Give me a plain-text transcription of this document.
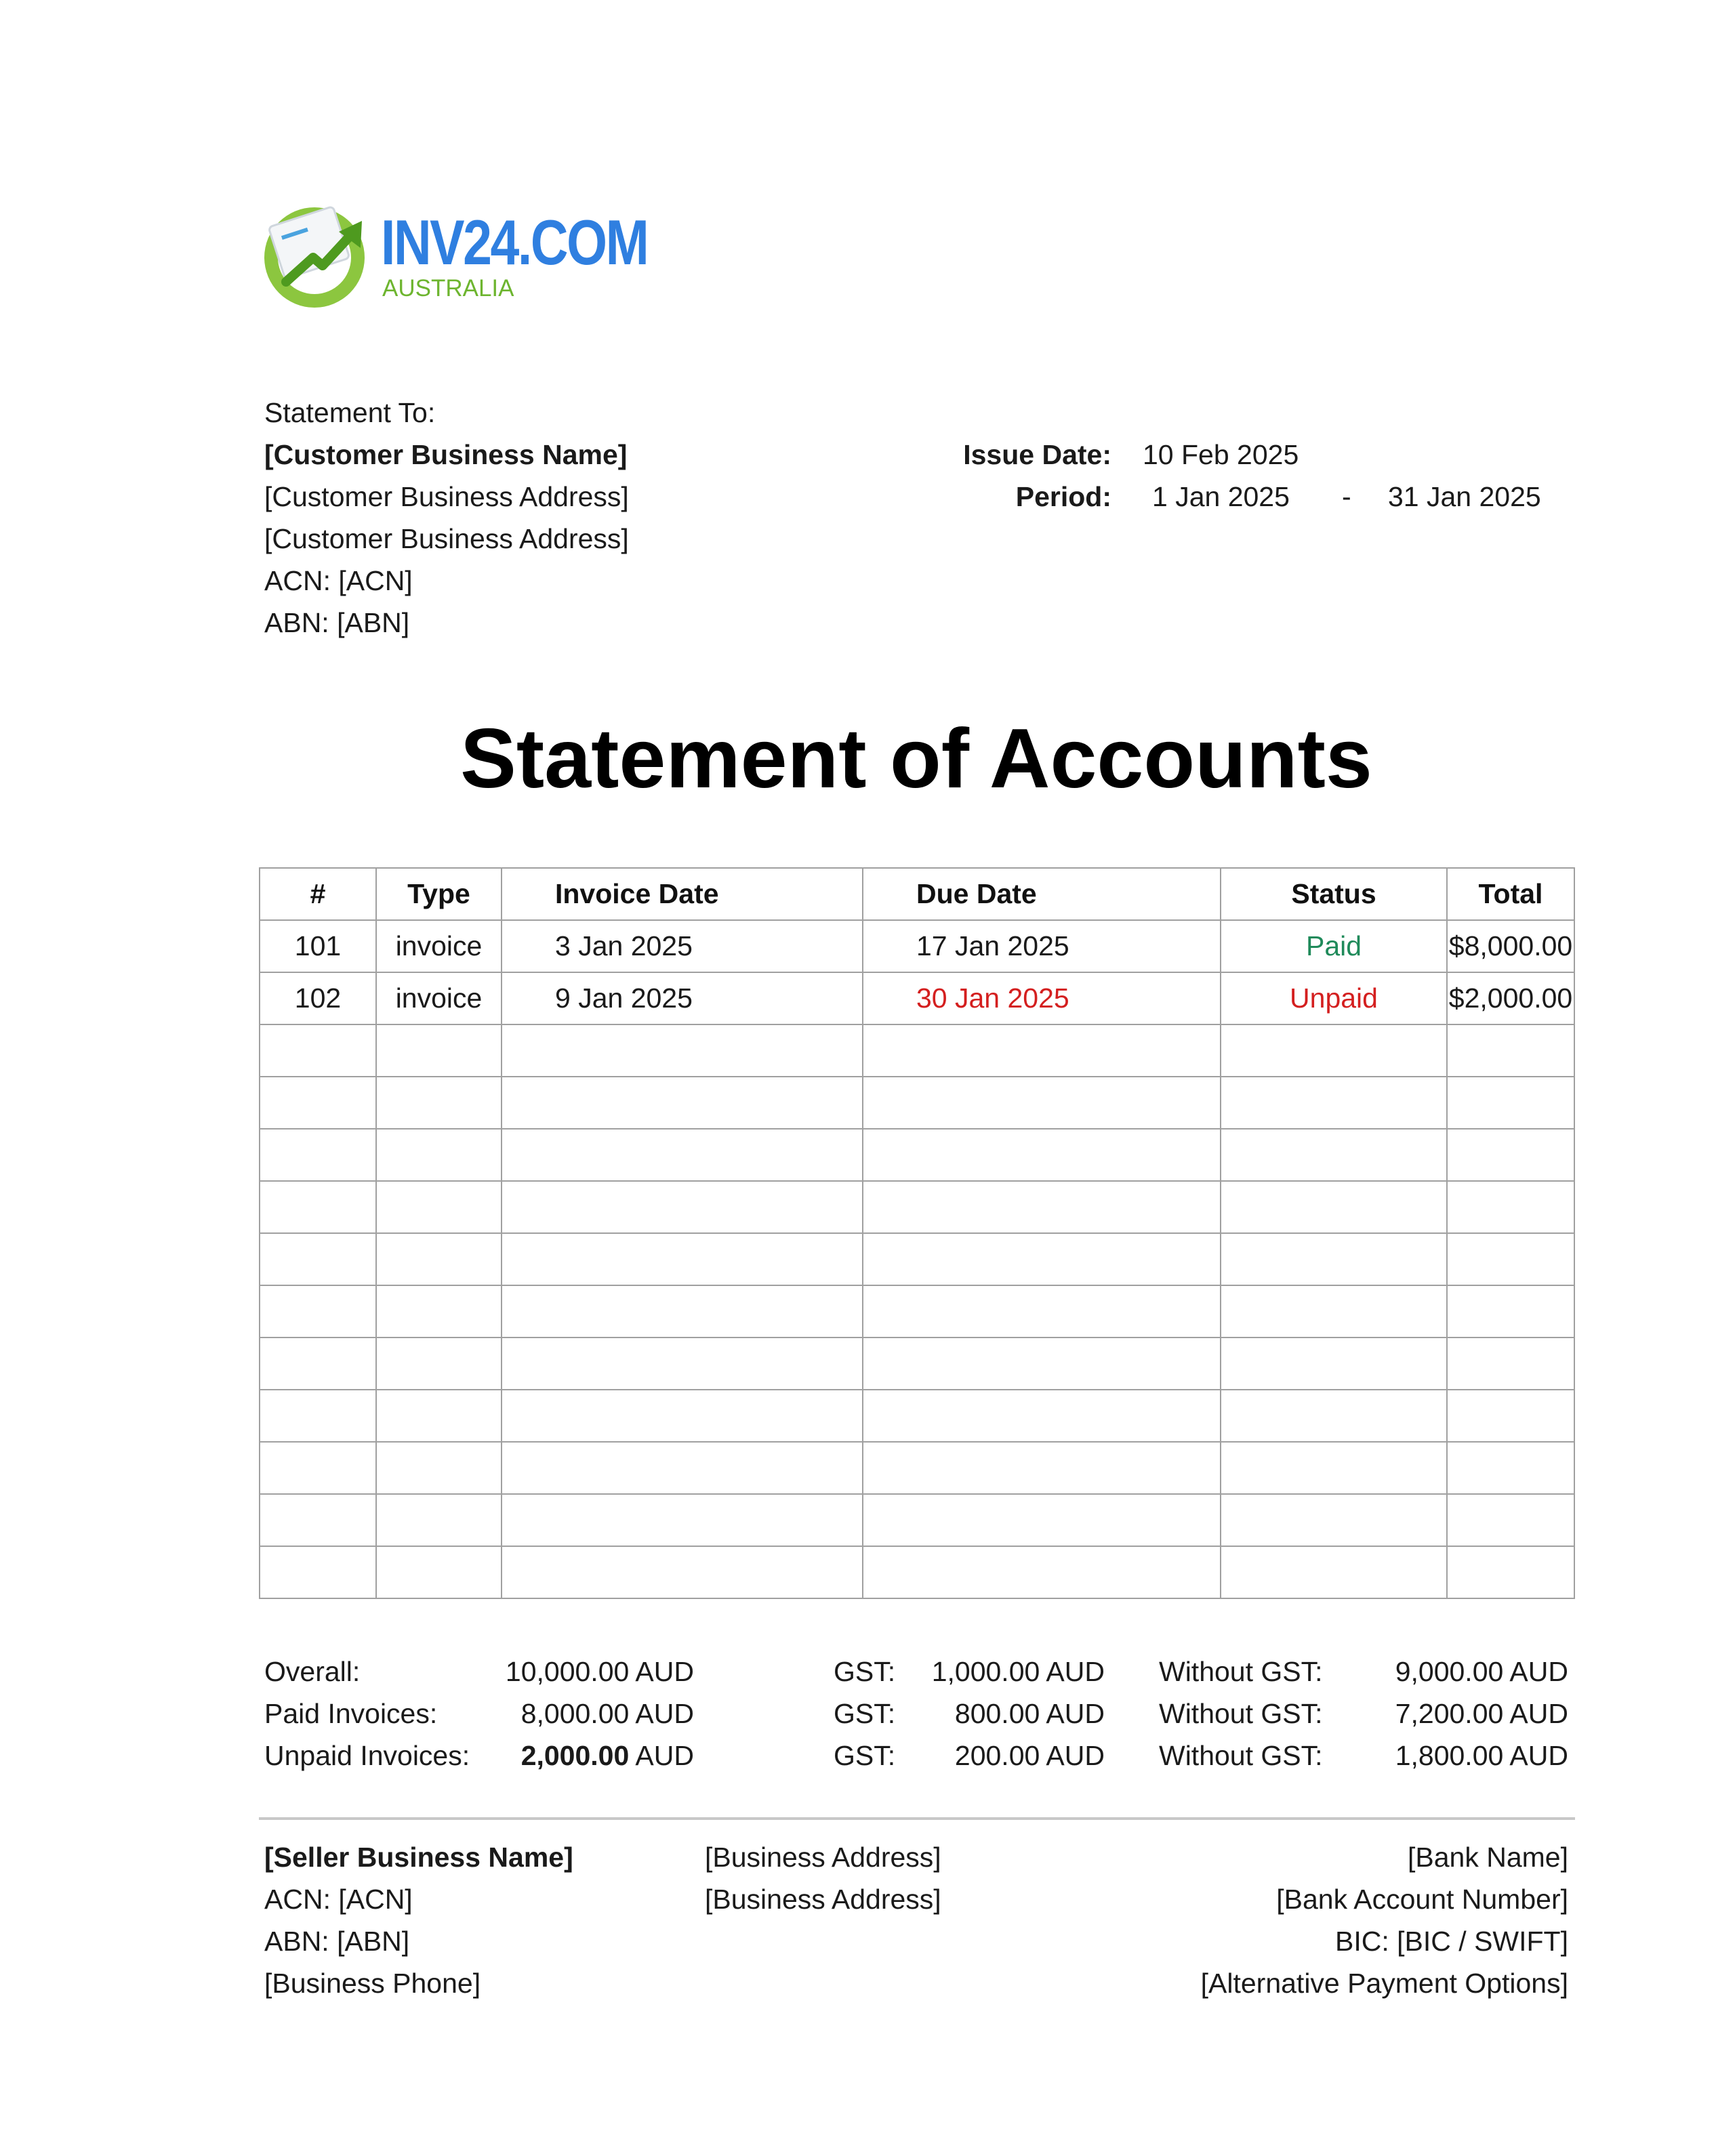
INV24.COM
AUSTRALIA
Statement To:
[Customer Business Name]
[Customer Business Address]
[Customer Business Address]
ACN: [ACN]
ABN: [ABN]
Issue Date: 10 Feb 2025
Period: 1 Jan 2025 - 31 Jan 2025
Statement of Accounts
#	Type	Invoice Date	Due Date	Status	Total
101	invoice	3 Jan 2025	17 Jan 2025	Paid	$8,000.00
102	invoice	9 Jan 2025	30 Jan 2025	Unpaid	$2,000.00

Overall:	10,000.00 AUD	GST:	1,000.00 AUD Without GST:	9,000.00 AUD
Paid Invoices:	8,000.00 AUD	GST:	800.00 AUD Without GST:	7,200.00 AUD
Unpaid Invoices:	2,000.00 AUD	GST:	200.00 AUD Without GST:	1,800.00 AUD
[Seller Business Name]
ACN: [ACN]
ABN: [ABN]
[Business Phone]
[Business Address]
[Business Address]
[Bank Name]
[Bank Account Number]
BIC: [BIC / SWIFT]
[Alternative Payment Options]
